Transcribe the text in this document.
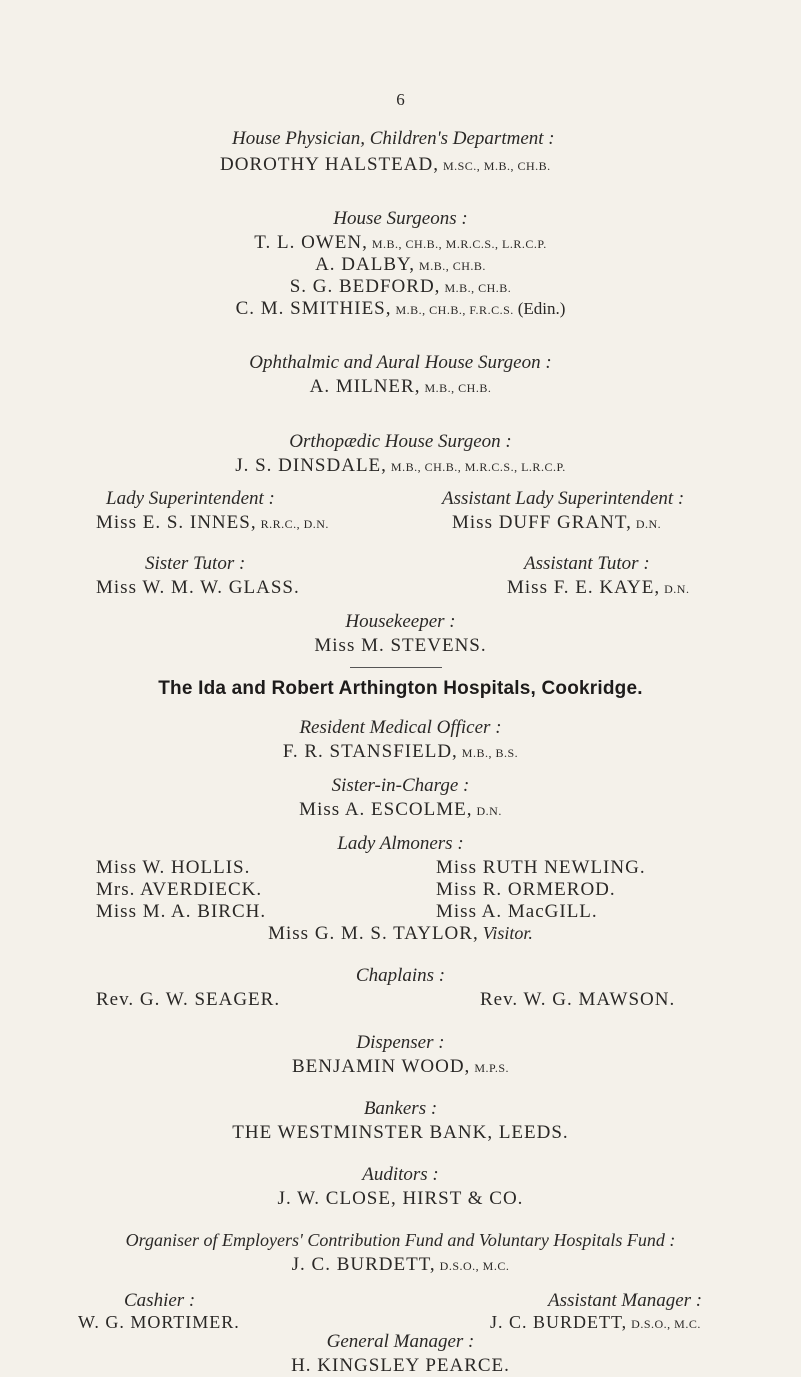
6
House Physician, Children's Department :
DOROTHY HALSTEAD, M.SC., M.B., CH.B.
House Surgeons :
T. L. OWEN, M.B., CH.B., M.R.C.S., L.R.C.P.
A. DALBY, M.B., CH.B.
S. G. BEDFORD, M.B., CH.B.
C. M. SMITHIES, M.B., CH.B., F.R.C.S. (Edin.)
Ophthalmic and Aural House Surgeon :
A. MILNER, M.B., CH.B.
Orthopædic House Surgeon :
J. S. DINSDALE, M.B., CH.B., M.R.C.S., L.R.C.P.
Lady Superintendent :
Miss E. S. INNES, R.R.C., D.N.
Assistant Lady Superintendent :
Miss DUFF GRANT, D.N.
Sister Tutor :
Miss W. M. W. GLASS.
Assistant Tutor :
Miss F. E. KAYE, D.N.
Housekeeper :
Miss M. STEVENS.
The Ida and Robert Arthington Hospitals, Cookridge.
Resident Medical Officer :
F. R. STANSFIELD, M.B., B.S.
Sister-in-Charge :
Miss A. ESCOLME, D.N.
Lady Almoners :
Miss W. HOLLIS.
Mrs. AVERDIECK.
Miss M. A. BIRCH.
Miss RUTH NEWLING.
Miss R. ORMEROD.
Miss A. MacGILL.
Miss G. M. S. TAYLOR, Visitor.
Chaplains :
Rev. G. W. SEAGER.	Rev. W. G. MAWSON.
Dispenser :
BENJAMIN WOOD, M.P.S.
Bankers :
THE WESTMINSTER BANK, LEEDS.
Auditors :
J. W. CLOSE, HIRST & CO.
Organiser of Employers' Contribution Fund and Voluntary Hospitals Fund :
J. C. BURDETT, D.S.O., M.C.
Cashier :
W. G. MORTIMER.
Assistant Manager :
J. C. BURDETT, D.S.O., M.C.
General Manager :
H. KINGSLEY PEARCE.
